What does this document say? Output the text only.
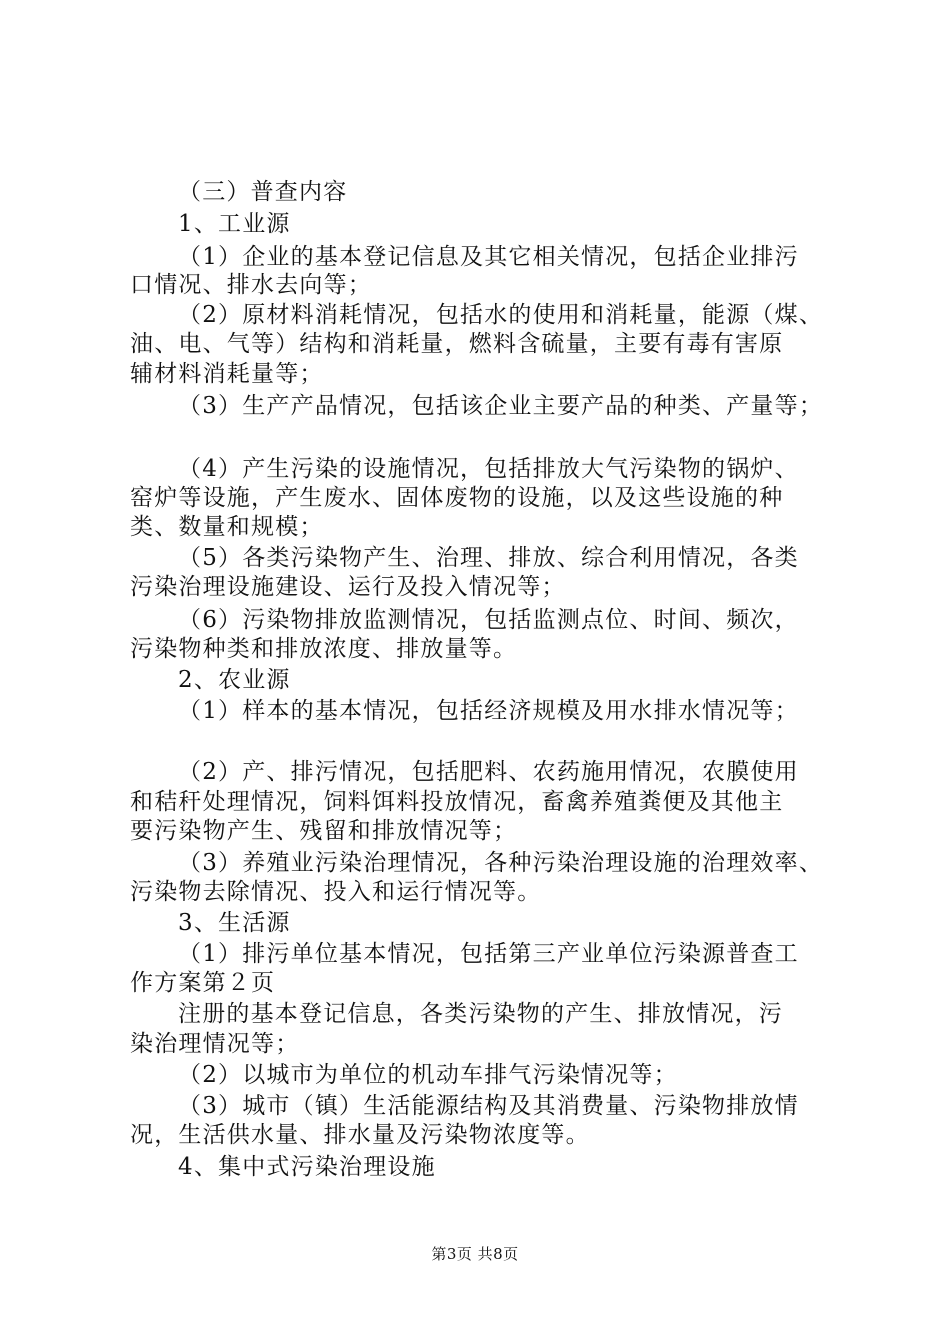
（三）普查内容
1、工业源
（1）企业的基本登记信息及其它相关情况，包括企业排污
口情况、排水去向等；
（2）原材料消耗情况，包括水的使用和消耗量，能源（煤、
油、电、气等）结构和消耗量，燃料含硫量，主要有毒有害原
辅材料消耗量等；
（3）生产产品情况，包括该企业主要产品的种类、产量等；
（4）产生污染的设施情况，包括排放大气污染物的锅炉、
窑炉等设施，产生废水、固体废物的设施，以及这些设施的种
类、数量和规模；
（5）各类污染物产生、治理、排放、综合利用情况，各类
污染治理设施建设、运行及投入情况等；
（6）污染物排放监测情况，包括监测点位、时间、频次，
污染物种类和排放浓度、排放量等。
2、农业源
（1）样本的基本情况，包括经济规模及用水排水情况等；
（2）产、排污情况，包括肥料、农药施用情况，农膜使用
和秸秆处理情况，饲料饵料投放情况，畜禽养殖粪便及其他主
要污染物产生、残留和排放情况等；
（3）养殖业污染治理情况，各种污染治理设施的治理效率、
污染物去除情况、投入和运行情况等。
3、生活源
（1）排污单位基本情况，包括第三产业单位污染源普查工
作方案第２页
注册的基本登记信息，各类污染物的产生、排放情况，污
染治理情况等；
（2）以城市为单位的机动车排气污染情况等；
（3）城市（镇）生活能源结构及其消费量、污染物排放情
况，生活供水量、排水量及污染物浓度等。
4、集中式污染治理设施
第3页 共8页
